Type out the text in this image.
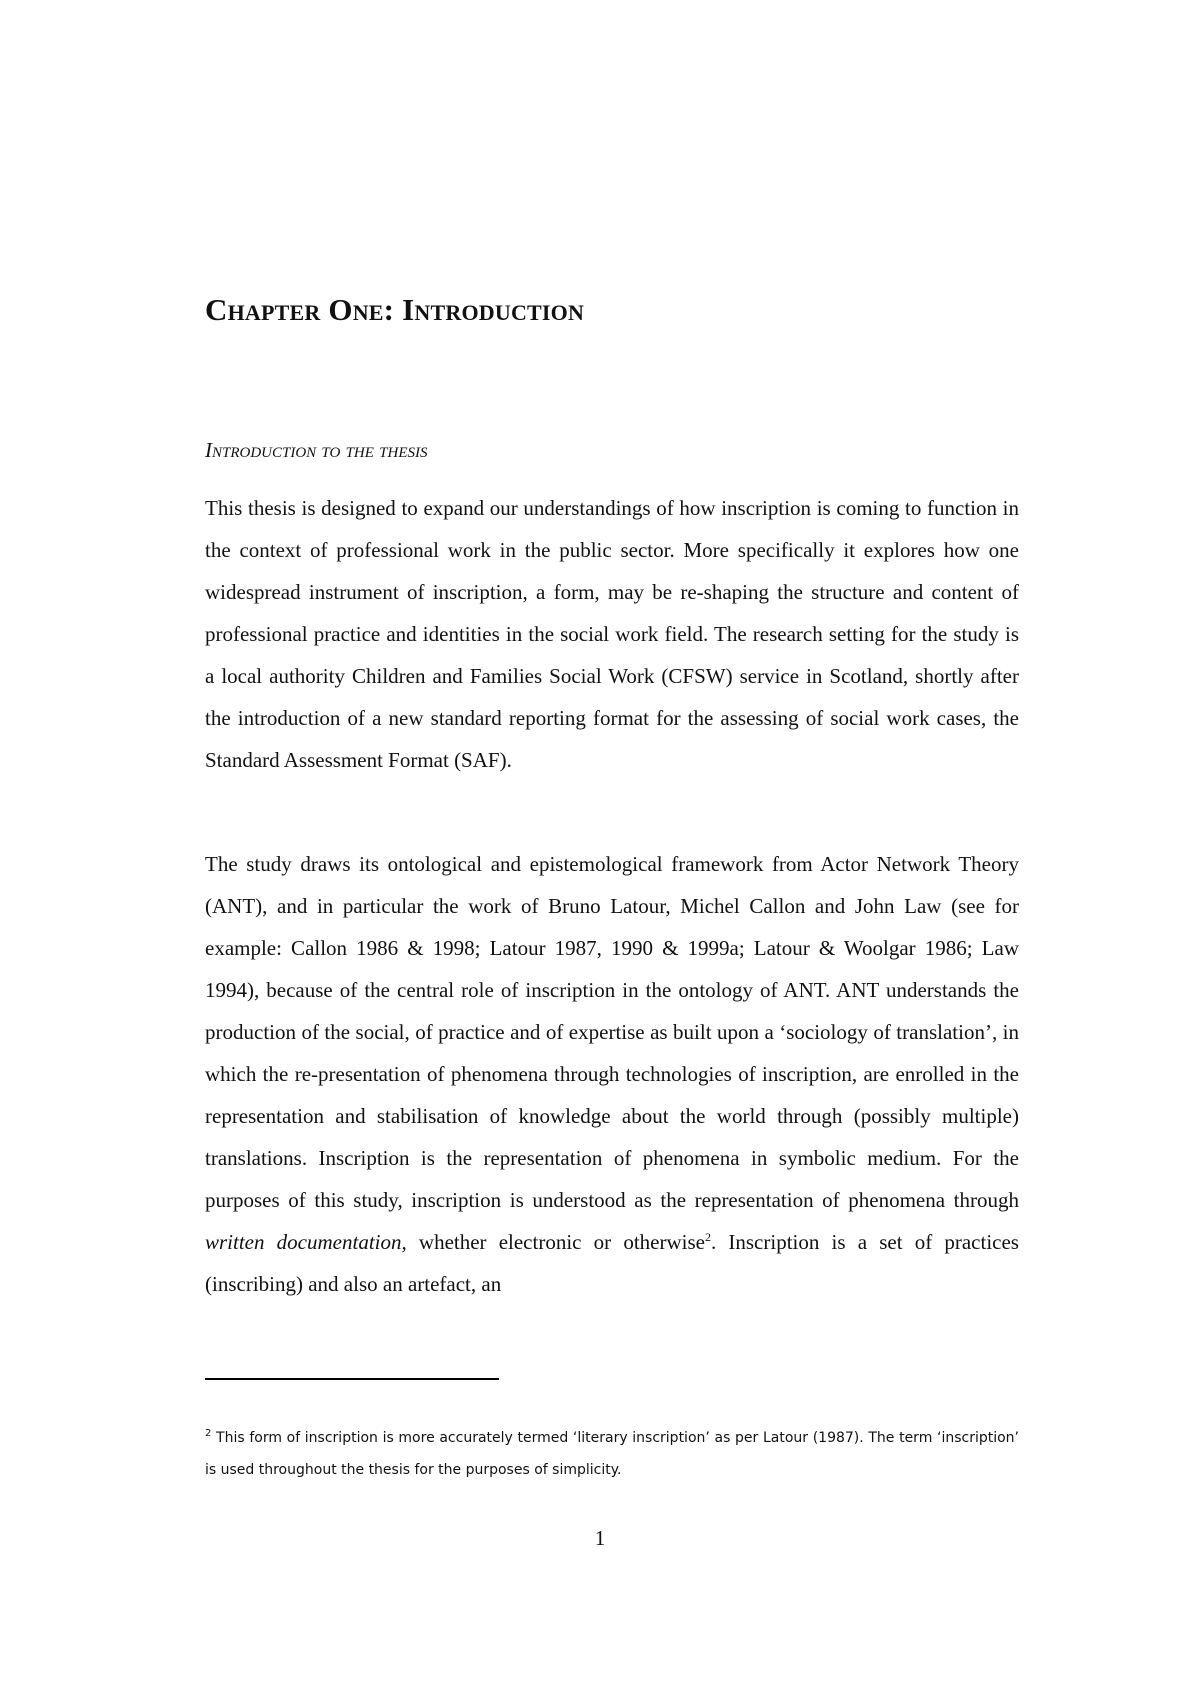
Chapter One: Introduction
Introduction to the thesis

This thesis is designed to expand our understandings of how inscription is coming to function in the context of professional work in the public sector. More specifically it explores how one widespread instrument of inscription, a form, may be re-shaping the structure and content of professional practice and identities in the social work field. The research setting for the study is a local authority Children and Families Social Work (CFSW) service in Scotland, shortly after the introduction of a new standard reporting format for the assessing of social work cases, the Standard Assessment Format (SAF).

The study draws its ontological and epistemological framework from Actor Network Theory (ANT), and in particular the work of Bruno Latour, Michel Callon and John Law (see for example: Callon 1986 & 1998; Latour 1987, 1990 & 1999a; Latour & Woolgar 1986; Law 1994), because of the central role of inscription in the ontology of ANT. ANT understands the production of the social, of practice and of expertise as built upon a ‘sociology of translation’, in which the re-presentation of phenomena through technologies of inscription, are enrolled in the representation and stabilisation of knowledge about the world through (possibly multiple) translations. Inscription is the representation of phenomena in symbolic medium. For the purposes of this study, inscription is understood as the representation of phenomena through written documentation, whether electronic or otherwise$^2$. Inscription is a set of practices (inscribing) and also an artefact, an

$^2$ This form of inscription is more accurately termed ‘literary inscription’ as per Latour (1987). The term ‘inscription’ is used throughout the thesis for the purposes of simplicity.

1
